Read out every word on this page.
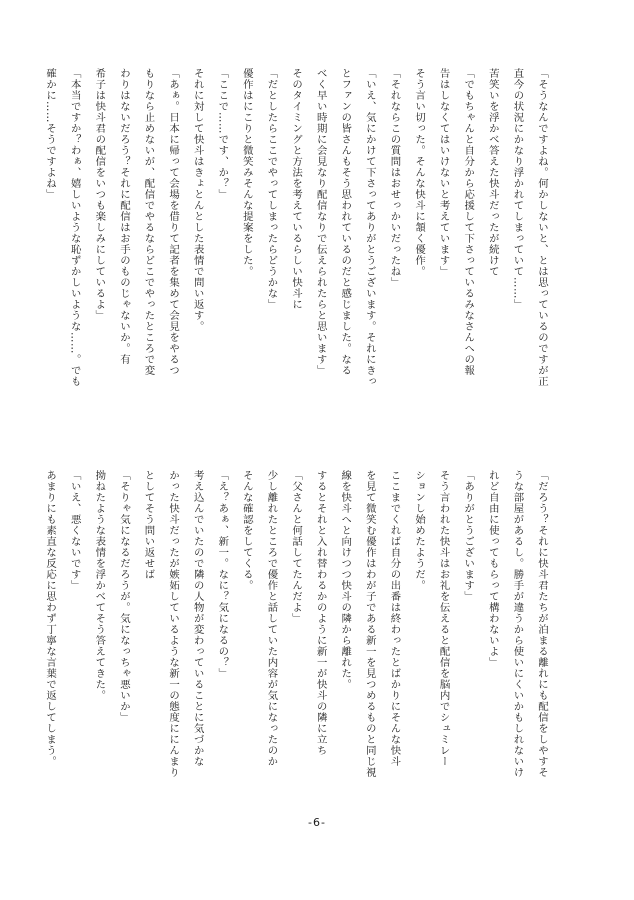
「そうなんですよね。何かしないと、とは思っているのですが正
直今の状況にかなり浮かれてしまっていて……」
苦笑いを浮かべ答えた快斗だったが続けて
「でもちゃんと自分から応援して下さっているみなさんへの報
告はしなくてはいけないと考えています」
そう言い切った。そんな快斗に頷く優作。
「それならこの質問はおせっかいだったね」
「いえ、気にかけて下さってありがとうございます。それにきっ
とファンの皆さんもそう思われているのだと感じました。なる
べく早い時期に会見なり配信なりで伝えられたらと思います」
そのタイミングと方法を考えているらしい快斗に
「だとしたらここでやってしまったらどうかな」
優作はにこりと微笑みそんな提案をした。
「ここで……です、か？」
それに対して快斗はきょとんとした表情で問い返す。
「あぁ。日本に帰って会場を借りて記者を集めて会見をやるつ
もりなら止めないが、配信でやるならどこでやったところで変
わりはないだろう？それに配信はお手のものじゃないか。有
希子は快斗君の配信をいつも楽しみにしているよ」
「本当ですか？わぁ、嬉しいような恥ずかしいような……。でも
確かに……そうですよね」
「だろう？それに快斗君たちが泊まる離れにも配信をしやすそ
うな部屋があるし。勝手が違うから使いにくいかもしれないけ
れど自由に使ってもらって構わないよ」
「ありがとうございます」
そう言われた快斗はお礼を伝えると配信を脳内でシュミレー
ションし始めたようだ。
ここまでくれば自分の出番は終わったとばかりにそんな快斗
を見て微笑む優作はわが子である新一を見つめるものと同じ視
線を快斗へと向けつつ快斗の隣から離れた。
するとそれと入れ替わるかのように新一が快斗の隣に立ち
「父さんと何話してたんだよ」
少し離れたところで優作と話していた内容が気になったのか
そんな確認をしてくる。
「え？あぁ、新一。なに？気になるの？」
考え込んでいたので隣の人物が変わっていることに気づかな
かった快斗だったが嫉妬しているような新一の態度ににんまり
としてそう問い返せば
「そりゃ気になるだろうが。気になっちゃ悪いか」
拗ねたような表情を浮かべてそう答えてきた。
「いえ、悪くないです」
あまりにも素直な反応に思わず丁寧な言葉で返してしまう。
-6-
